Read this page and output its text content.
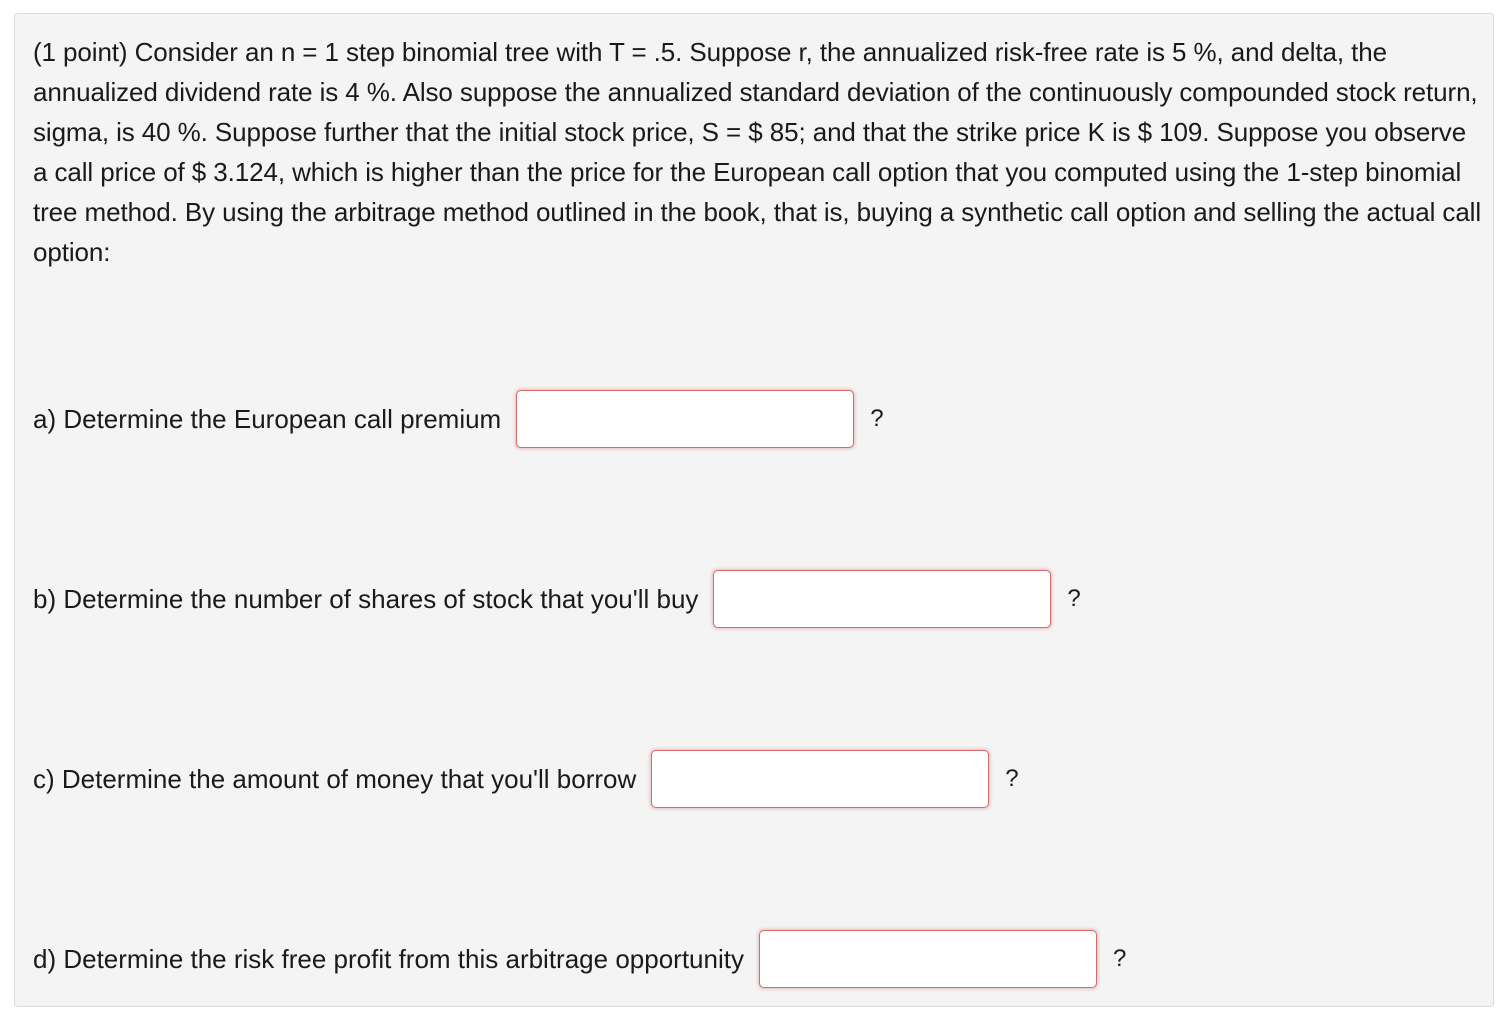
(1 point) Consider an n = 1 step binomial tree with T = .5. Suppose r, the annualized risk-free rate is 5 %, and delta, the annualized dividend rate is 4 %. Also suppose the annualized standard deviation of the continuously compounded stock return, sigma, is 40 %. Suppose further that the initial stock price, S = $ 85; and that the strike price K is $ 109. Suppose you observe a call price of $ 3.124, which is higher than the price for the European call option that you computed using the 1-step binomial tree method. By using the arbitrage method outlined in the book, that is, buying a synthetic call option and selling the actual call option:

a) Determine the European call premium	?
b) Determine the number of shares of stock that you'll buy	?
c) Determine the amount of money that you'll borrow	?
d) Determine the risk free profit from this arbitrage opportunity	?
